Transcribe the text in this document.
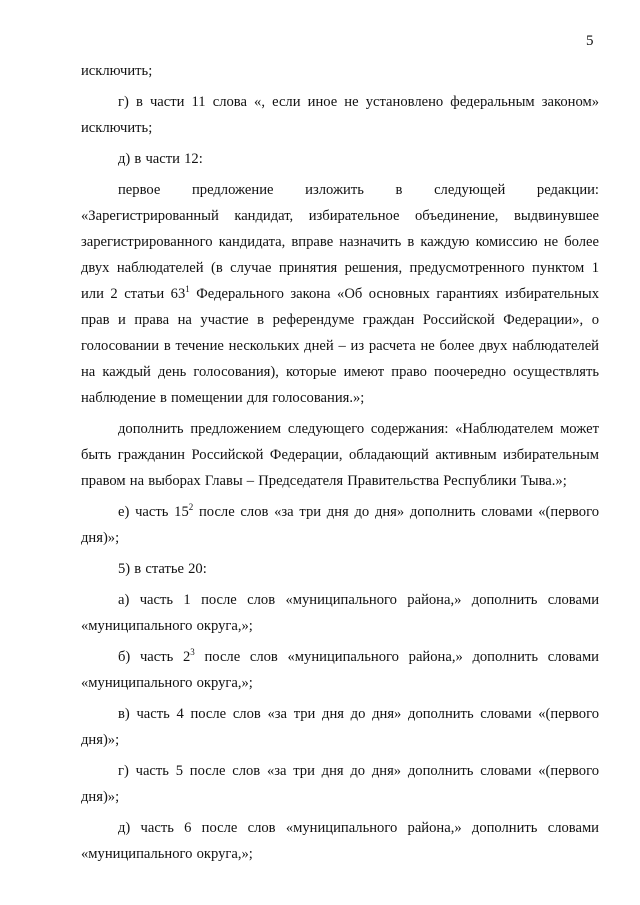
5

исключить;

г) в части 11 слова «, если иное не установлено федеральным законом» исключить;

д) в части 12:

первое предложение изложить в следующей редакции: «Зарегистрированный кандидат, избирательное объединение, выдвинувшее зарегистрированного кандидата, вправе назначить в каждую комиссию не более двух наблюдателей (в случае принятия решения, предусмотренного пунктом 1 или 2 статьи $63^1$ Федерального закона «Об основных гарантиях избирательных прав и права на участие в референдуме граждан Российской Федерации», о голосовании в течение нескольких дней – из расчета не более двух наблюдателей на каждый день голосования), которые имеют право поочередно осуществлять наблюдение в помещении для голосования.»;

дополнить предложением следующего содержания: «Наблюдателем может быть гражданин Российской Федерации, обладающий активным избирательным правом на выборах Главы – Председателя Правительства Республики Тыва.»;

е) часть $15^2$ после слов «за три дня до дня» дополнить словами «(первого дня)»;

5) в статье 20:

а) часть 1 после слов «муниципального района,» дополнить словами «муниципального округа,»;

б) часть $2^3$ после слов «муниципального района,» дополнить словами «муниципального округа,»;

в) часть 4 после слов «за три дня до дня» дополнить словами «(первого дня)»;

г) часть 5 после слов «за три дня до дня» дополнить словами «(первого дня)»;

д) часть 6 после слов «муниципального района,» дополнить словами «муниципального округа,»;
